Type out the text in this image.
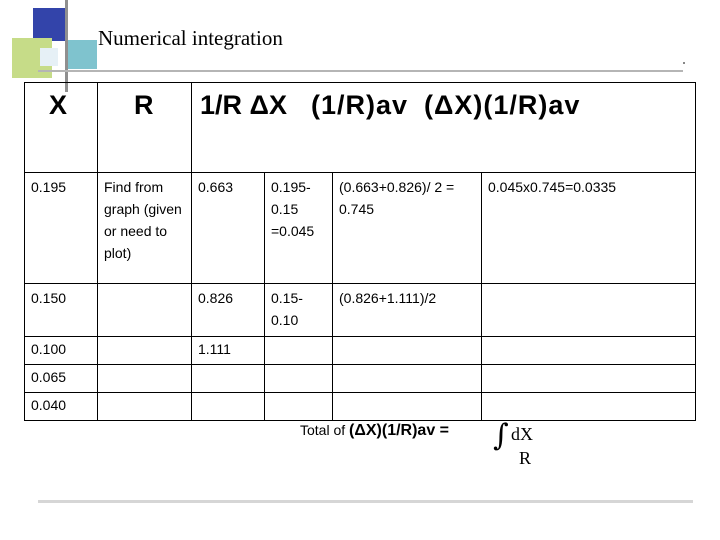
Numerical integration
X	R	1/R ΔX (1/R)av (ΔX)(1/R)av			
0.195	Find from graph (given or need to plot)	0.663	0.195-0.15 =0.045	(0.663+0.826)/ 2 = 0.745	0.045x0.745=0.0335
0.150		0.826	0.15-0.10	(0.826+1.111)/2	
0.100		1.111			
0.065					
0.040					
Total of (ΔX)(1/R)av = ∫ dX
R
